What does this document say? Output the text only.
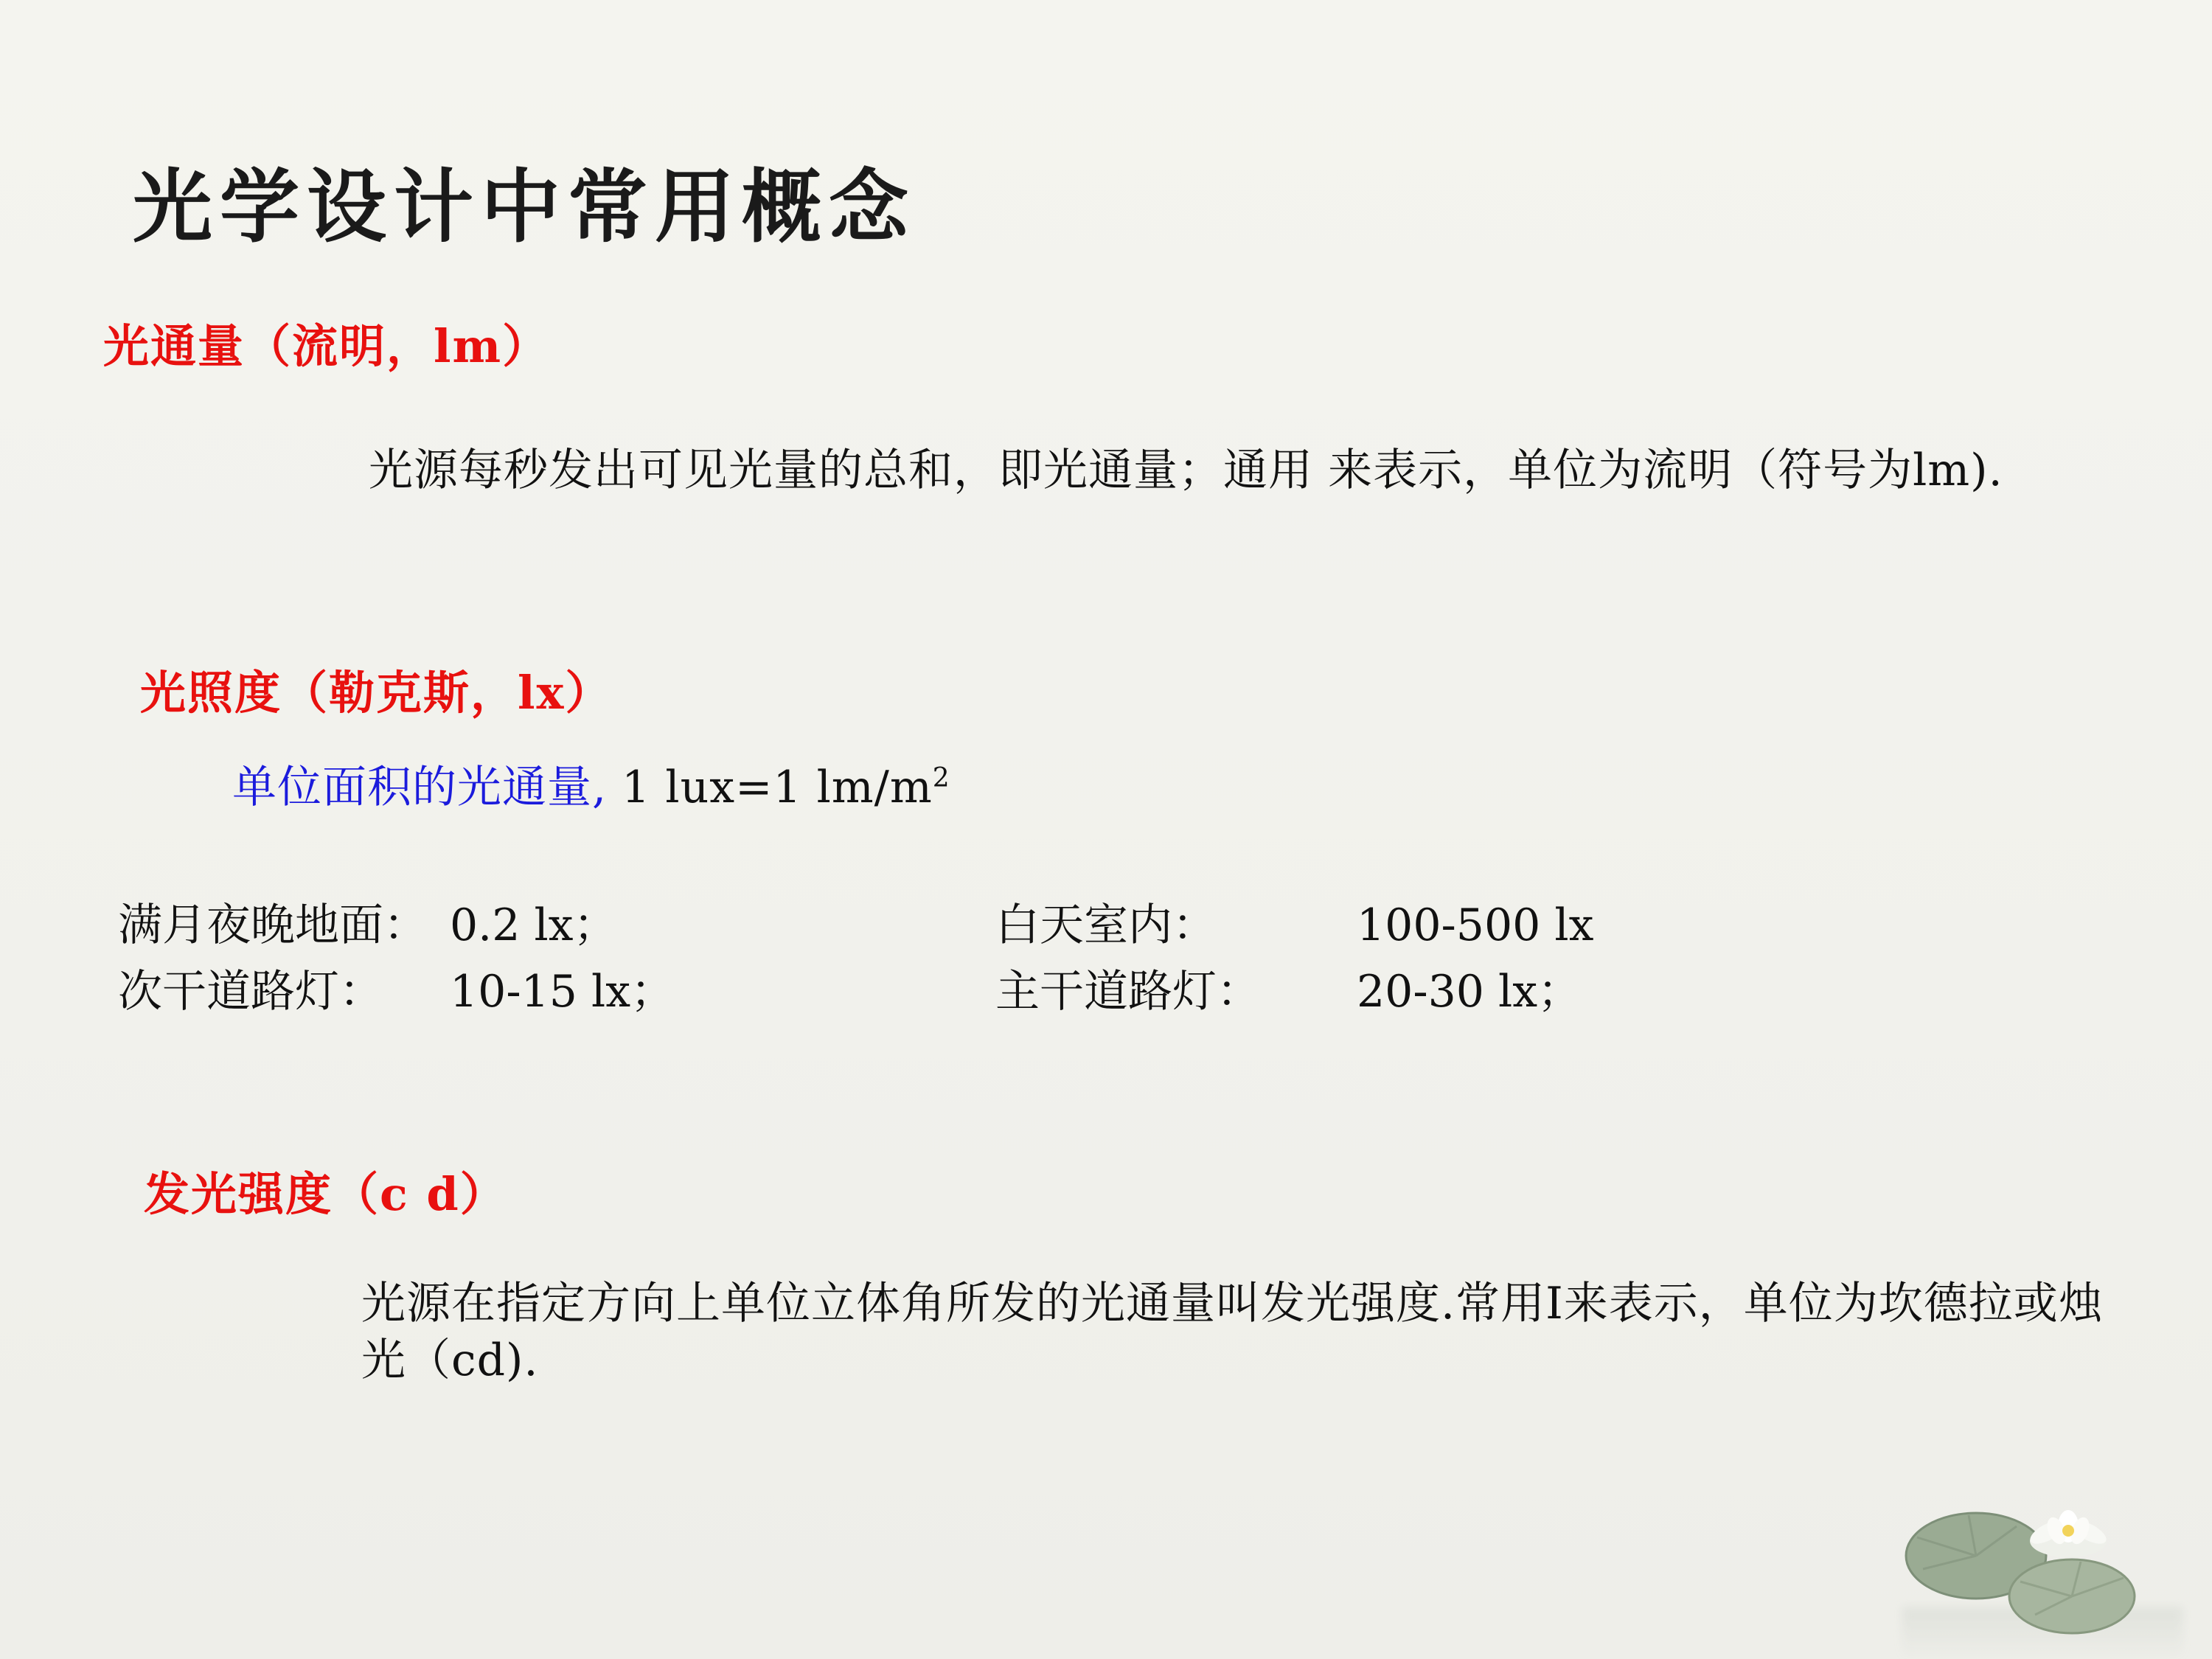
光学设计中常用概念
光通量（流明，lm）
光源每秒发出可见光量的总和，即光通量；通用 来表示，单位为流明（符号为lm).
光照度（勒克斯，lx）
单位面积的光通量, 1 lux=1 $lm/m^2$
满月夜晚地面： 0.2 lx；	白天室内：	100-500 lx
次干道路灯：	10-15 lx；	主干道路灯：	20-30 lx；
发光强度（c d）
光源在指定方向上单位立体角所发的光通量叫发光强度.常用I来表示，单位为坎德拉或烛光（cd).
